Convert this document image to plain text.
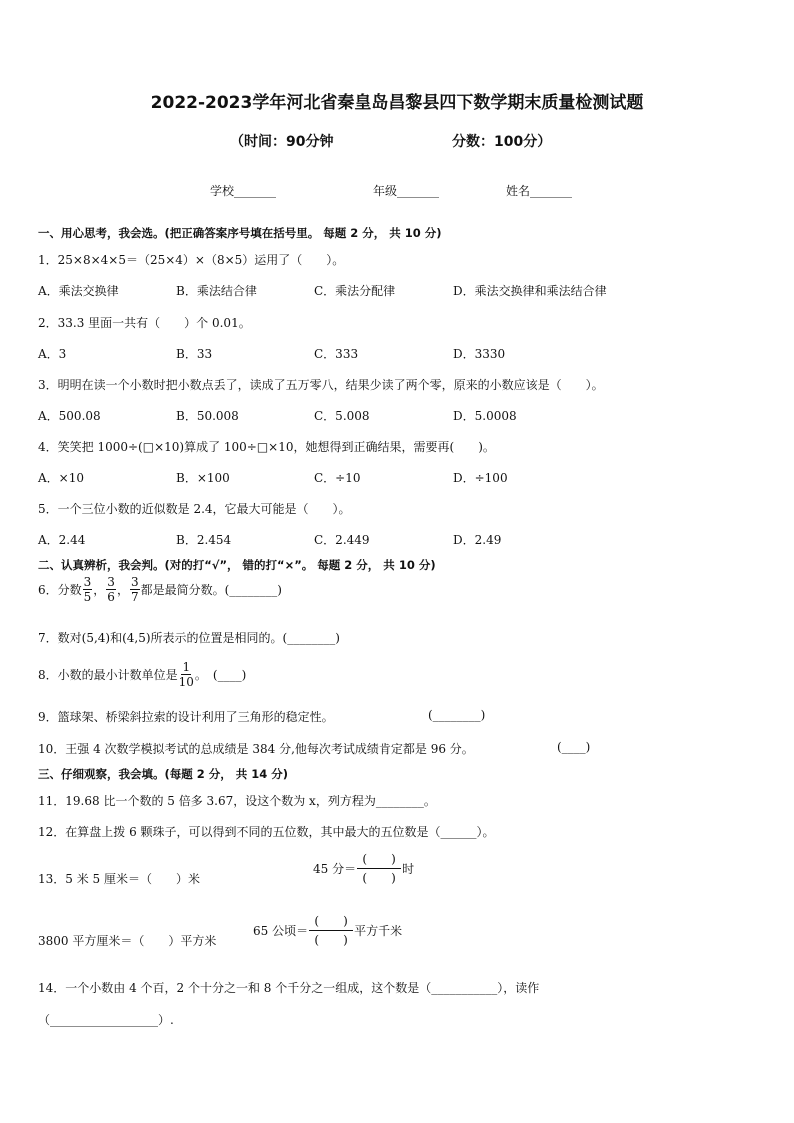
2022-2023学年河北省秦皇岛昌黎县四下数学期末质量检测试题
（时间：90分钟	分数：100分）
学校_______	年级_______	姓名_______
一、用心思考，我会选。(把正确答案序号填在括号里。 每题 2 分， 共 10 分)
1．25×8×4×5＝（25×4）×（8×5）运用了（　　）。
A．乘法交换律	B．乘法结合律	C．乘法分配律	D．乘法交换律和乘法结合律
2．33.3 里面一共有（　　）个 0.01。
A．3	B．33	C．333	D．3330
3．明明在读一个小数时把小数点丢了，读成了五万零八，结果少读了两个零，原来的小数应该是（　　）。
A．500.08	B．50.008	C．5.008	D．5.0008
4．笑笑把 1000÷(□×10)算成了 100÷□×10，她想得到正确结果，需要再(　　)。
A．×10	B．×100	C．÷10	D．÷100
5．一个三位小数的近似数是 2.4，它最大可能是（　　）。
A．2.44	B．2.454	C．2.449	D．2.49
二、认真辨析，我会判。(对的打“√”， 错的打“×”。 每题 2 分， 共 10 分)
6．分数 $\frac{3}{5}$ ， $\frac{3}{6}$ ， $\frac{3}{7}$ 都是最简分数。(________)
7．数对(5,4)和(4,5)所表示的位置是相同的。(________)
8．小数的最小计数单位是 $\frac{1}{10}$ 。　(____)
9．篮球架、桥梁斜拉索的设计利用了三角形的稳定性。	(________)
10．王强 4 次数学模拟考试的总成绩是 384 分,他每次考试成绩肯定都是 96 分。	(____)
三、仔细观察，我会填。(每题 2 分， 共 14 分)
11．19.68 比一个数的 5 倍多 3.67，设这个数为 x，列方程为________。
12．在算盘上拨 6 颗珠子，可以得到不同的五位数，其中最大的五位数是（______）。
13．5 米 5 厘米＝（　　）米
45 分＝ $\frac{( )}{( )}$ 时
3800 平方厘米＝（　　）平方米
65 公顷＝ $\frac{( )}{( )}$ 平方千米
14．一个小数由 4 个百，2 个十分之一和 8 个千分之一组成，这个数是（___________），读作
（__________________）.
